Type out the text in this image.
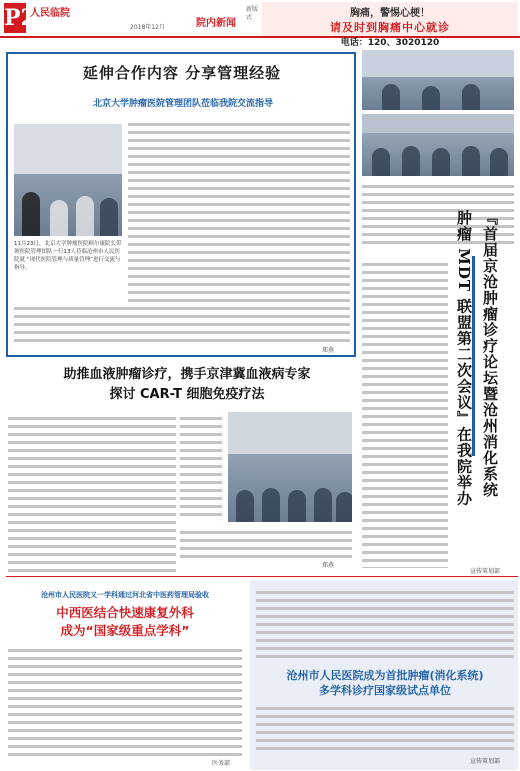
P2
人民临院
2018年12月	院内新闻
新版式	胸痛，警惕心梗！
请及时到胸痛中心就诊
电话：120、3020120
延伸合作内容 分享管理经验
北京大学肿瘤医院管理团队莅临我院交流指导
11月23日，北京大学肿瘤医院顾尔康院长带领医院管理团队一行13人莅临沧州市人民医院就 “现代医院管理与质量管理”进行交流与指导。
郑燕	『首届京沧肿瘤诊疗论坛暨沧州消化系统
肿瘤 MDT 联盟第二次会议』在我院举办
宣传策划部
助推血液肿瘤诊疗，携手京津冀血液病专家
探讨 CAR-T 细胞免疫疗法
郑燕
沧州市人民医院又一学科通过河北省中医药管理局验收
中西医结合快速康复外科
成为“国家级重点学科”
医务部
沧州市人民医院成为首批肿瘤(消化系统)
多学科诊疗国家级试点单位
宣传策划部
